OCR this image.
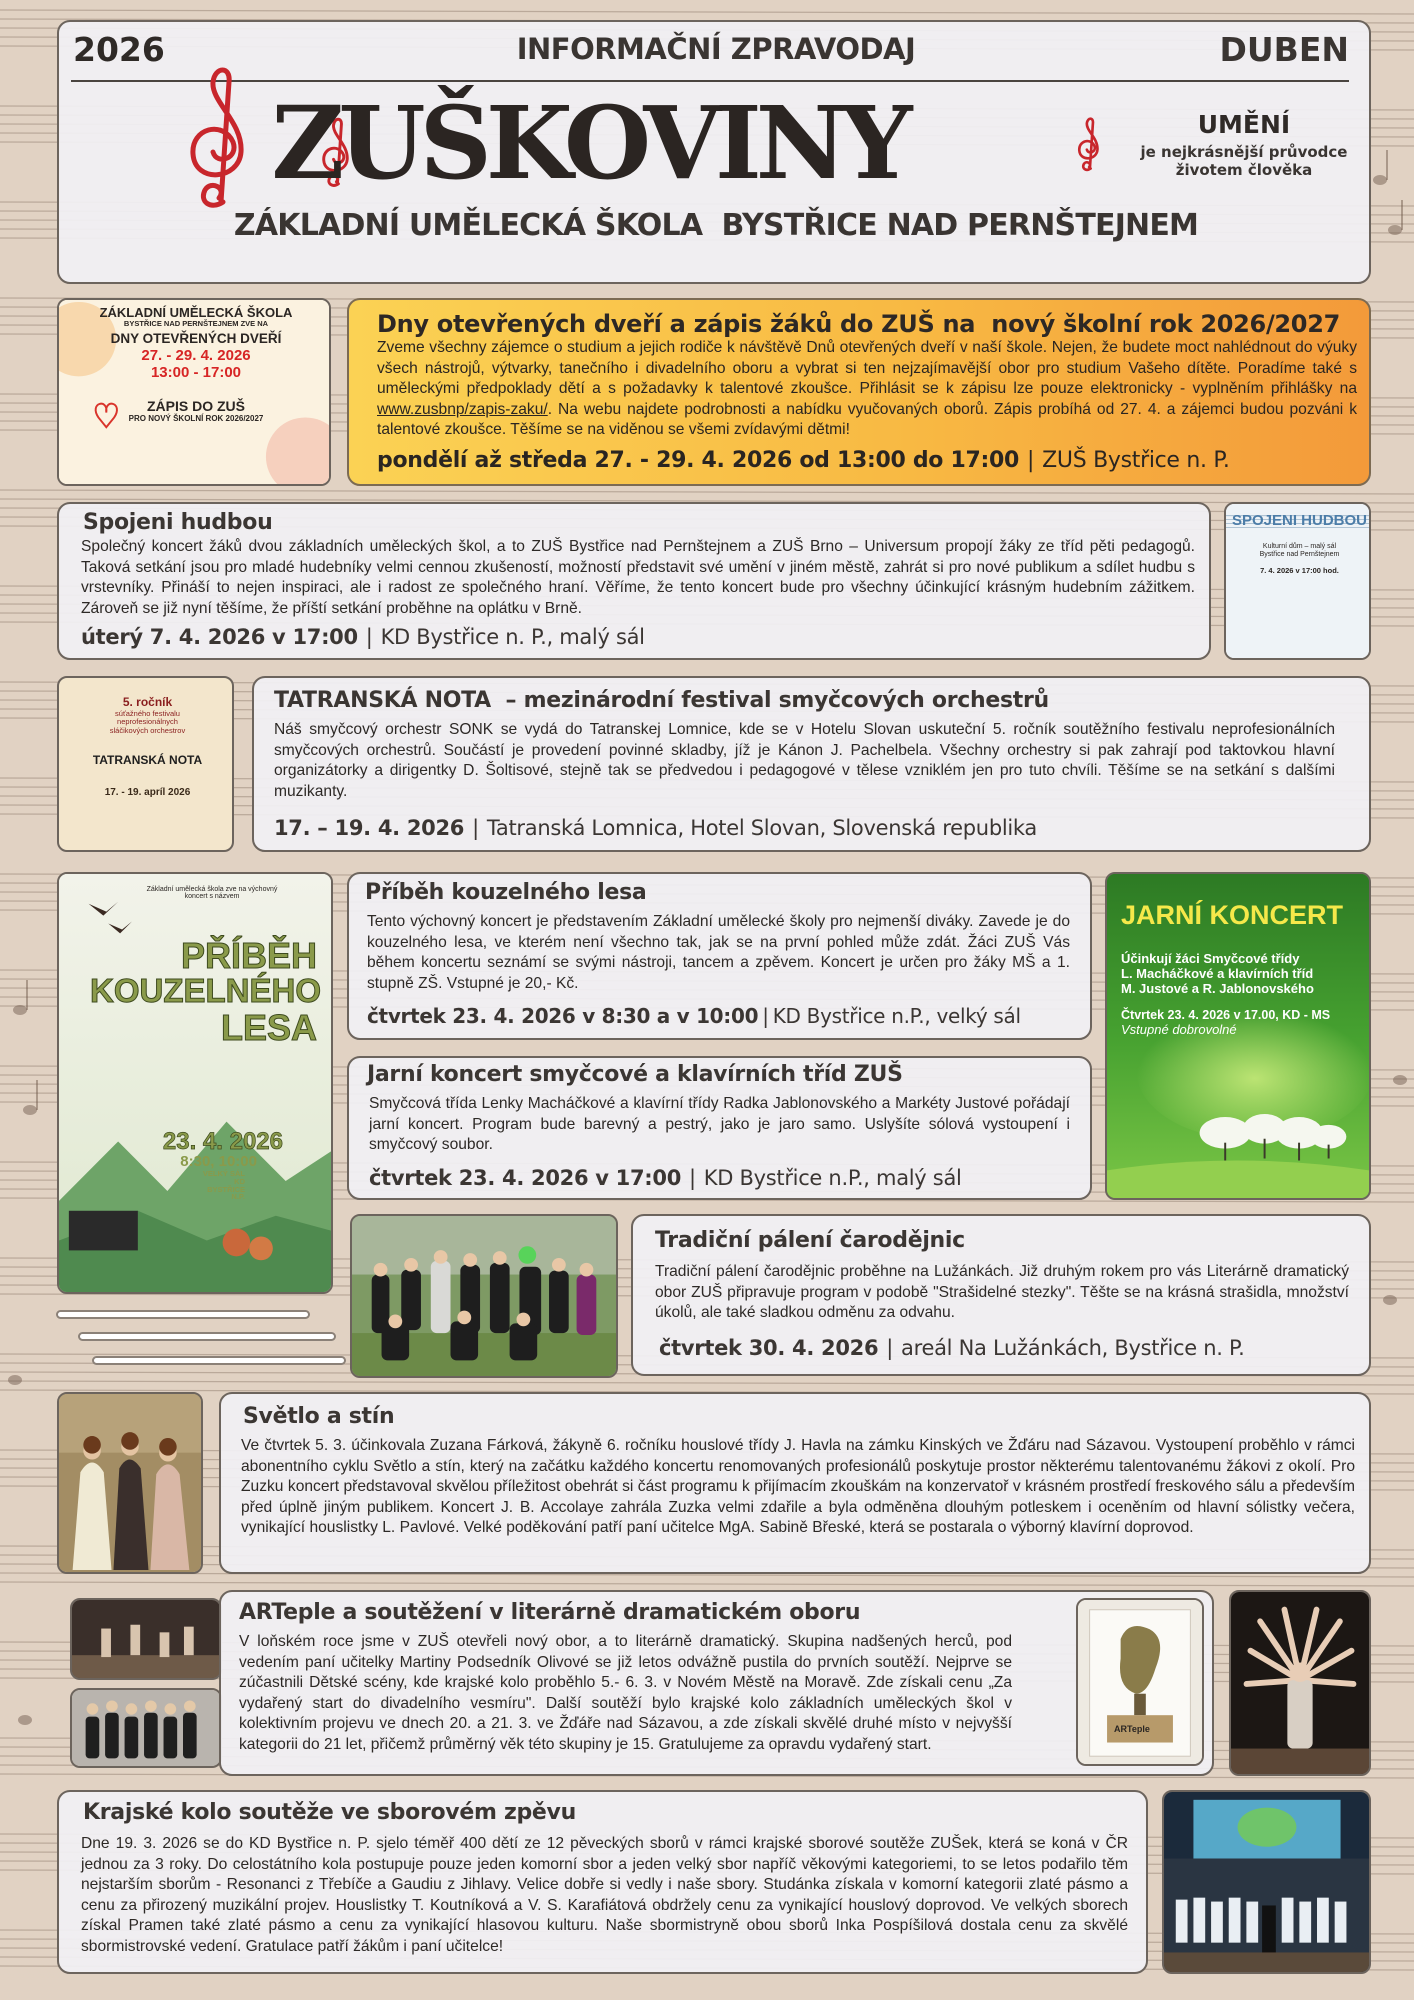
2026	INFORMAČNÍ ZPRAVODAJ	DUBEN
ZUŠKOVINY	UMĚNÍ
je nejkrásnější průvodce
životem člověka
ZÁKLADNÍ UMĚLECKÁ ŠKOLA  BYSTŘICE NAD PERNŠTEJNEM
ZÁKLADNÍ UMĚLECKÁ ŠKOLA
BYSTŘICE NAD PERNŠTEJNEM ZVE NA
DNY OTEVŘENÝCH DVEŘÍ
27. - 29. 4. 2026
13:00 - 17:00
ZÁPIS DO ZUŠ
PRO NOVÝ ŠKOLNÍ ROK 2026/2027
Dny otevřených dveří a zápis žáků do ZUŠ na  nový školní rok 2026/2027
Zveme všechny zájemce o studium a jejich rodiče k návštěvě Dnů otevřených dveří v naší škole. Nejen, že budete moct nahlédnout do výuky všech nástrojů, výtvarky, tanečního i divadelního oboru a vybrat si ten nejzajímavější obor pro studium Vašeho dítěte. Poradíme také s uměleckými předpoklady dětí a s požadavky k talentové zkoušce. Přihlásit se k zápisu lze pouze elektronicky - vyplněním přihlášky na www.zusbnp/zapis-zaku/. Na webu najdete podrobnosti a nabídku vyučovaných oborů. Zápis probíhá od 27. 4. a zájemci budou pozváni k talentové zkoušce. Těšíme se na viděnou se všemi zvídavými dětmi!
pondělí až středa 27. - 29. 4. 2026 od 13:00 do 17:00 | ZUŠ Bystřice n. P.
Spojeni hudbou
Společný koncert žáků dvou základních uměleckých škol, a to ZUŠ Bystřice nad Pernštejnem a ZUŠ Brno – Universum propojí žáky ze tříd pěti pedagogů. Taková setkání jsou pro mladé hudebníky velmi cennou zkušeností, možností představit své umění v jiném městě, zahrát si pro nové publikum a sdílet hudbu s vrstevníky. Přináší to nejen inspiraci, ale i radost ze společného hraní. Věříme, že tento koncert bude pro všechny účinkující krásným hudebním zážitkem. Zároveň se již nyní těšíme, že příští setkání proběhne na oplátku v Brně.
úterý 7. 4. 2026 v 17:00 | KD Bystřice n. P., malý sál
SPOJENI HUDBOU
Kulturní dům – malý sál
Bystřice nad Pernštejnem
7. 4. 2026 v 17:00 hod.
5. ročník
súťažného festivalu
neprofesionálnych
sláčikových orchestrov
TATRANSKÁ NOTA
17. - 19. apríl 2026
TATRANSKÁ NOTA  – mezinárodní festival smyčcových orchestrů
Náš smyčcový orchestr SONK se vydá do Tatranskej Lomnice, kde se v Hotelu Slovan uskuteční 5. ročník soutěžního festivalu neprofesionálních smyčcových orchestrů. Součástí je provedení povinné skladby, jíž je Kánon J. Pachelbela. Všechny orchestry si pak zahrají pod taktovkou hlavní organizátorky a dirigentky D. Šoltisové, stejně tak se předvedou i pedagogové v tělese vzniklém jen pro tuto chvíli. Těšíme se na setkání s dalšími muzikanty.
17. – 19. 4. 2026 | Tatranská Lomnica, Hotel Slovan, Slovenská republika
Základní umělecká škola zve na výchovný koncert s názvem
PŘÍBĚH
KOUZELNÉHO
LESA
23. 4. 2026
8:30, 10:00
VELKÝ SÁL KD BYSTŘICE N.P.
Příběh kouzelného lesa
Tento výchovný koncert je představením Základní umělecké školy pro nejmenší diváky. Zavede je do kouzelného lesa, ve kterém není všechno tak, jak se na první pohled může zdát. Žáci ZUŠ Vás během koncertu seznámí se svými nástroji, tancem a zpěvem. Koncert je určen pro žáky MŠ a 1. stupně ZŠ. Vstupné je 20,- Kč.
čtvrtek 23. 4. 2026 v 8:30 a v 10:00 | KD Bystřice n.P., velký sál
JARNÍ KONCERT
Účinkují žáci Smyčcové třídy
L. Macháčkové a klavírních tříd
M. Justové a R. Jablonovského
Čtvrtek 23. 4. 2026 v 17.00, KD - MS
Vstupné dobrovolné
Jarní koncert smyčcové a klavírních tříd ZUŠ
Smyčcová třída Lenky Macháčkové a klavírní třídy Radka Jablonovského a Markéty Justové pořádají jarní koncert. Program bude barevný a pestrý, jako je jaro samo. Uslyšíte sólová vystoupení i smyčcový soubor.
čtvrtek 23. 4. 2026 v 17:00 | KD Bystřice n.P., malý sál
Tradiční pálení čarodějnic
Tradiční pálení čarodějnic proběhne na Lužánkách. Již druhým rokem pro vás Literárně dramatický obor ZUŠ připravuje program v podobě "Strašidelné stezky". Těšte se na krásná strašidla, množství úkolů, ale také sladkou odměnu za odvahu.
čtvrtek 30. 4. 2026 | areál Na Lužánkách, Bystřice n. P.
Světlo a stín
Ve čtvrtek 5. 3. účinkovala Zuzana Fárková, žákyně 6. ročníku houslové třídy J. Havla na zámku Kinských ve Žďáru nad Sázavou. Vystoupení proběhlo v rámci abonentního cyklu Světlo a stín, který na začátku každého koncertu renomovaných profesionálů poskytuje prostor některému talentovanému žákovi z okolí. Pro Zuzku koncert představoval skvělou příležitost obehrát si část programu k přijímacím zkouškám na konzervatoř v krásném prostředí freskového sálu a především před úplně jiným publikem. Koncert J. B. Accolaye zahrála Zuzka velmi zdařile a byla odměněna dlouhým potleskem i oceněním od hlavní sólistky večera, vynikající houslistky L. Pavlové. Velké poděkování patří paní učitelce MgA. Sabině Břeské, která se postarala o výborný klavírní doprovod.
ARTeple a soutěžení v literárně dramatickém oboru
V loňském roce jsme v ZUŠ otevřeli nový obor, a to literárně dramatický. Skupina nadšených herců, pod vedením paní učitelky Martiny Podsedník Olivové se již letos odvážně pustila do prvních soutěží. Nejprve se zúčastnili Dětské scény, kde krajské kolo proběhlo 5.- 6. 3. v Novém Městě na Moravě. Zde získali cenu „Za vydařený start do divadelního vesmíru". Další soutěží bylo krajské kolo základních uměleckých škol v kolektivním projevu ve dnech 20. a 21. 3. ve Žďáře nad Sázavou, a zde získali skvělé druhé místo v nejvyšší kategorii do 21 let, přičemž průměrný věk této skupiny je 15. Gratulujeme za opravdu vydařený start.
ARTeple
Krajské kolo soutěže ve sborovém zpěvu
Dne 19. 3. 2026 se do KD Bystřice n. P. sjelo téměř 400 dětí ze 12 pěveckých sborů v rámci krajské sborové soutěže ZUŠek, která se koná v ČR jednou za 3 roky. Do celostátního kola postupuje pouze jeden komorní sbor a jeden velký sbor napříč věkovými kategoriemi, to se letos podařilo těm nejstarším sborům - Resonanci z Třebíče a Gaudiu z Jihlavy. Velice dobře si vedly i naše sbory. Studánka získala v komorní kategorii zlaté pásmo a cenu za přirozený muzikální projev. Houslistky T. Koutníková a V. S. Karafiátová obdržely cenu za vynikající houslový doprovod. Ve velkých sborech získal Pramen také zlaté pásmo a cenu za vynikající hlasovou kulturu. Naše sbormistryně obou sborů Inka Pospíšilová dostala cenu za skvělé sbormistrovské vedení. Gratulace patří žákům i paní učitelce!
